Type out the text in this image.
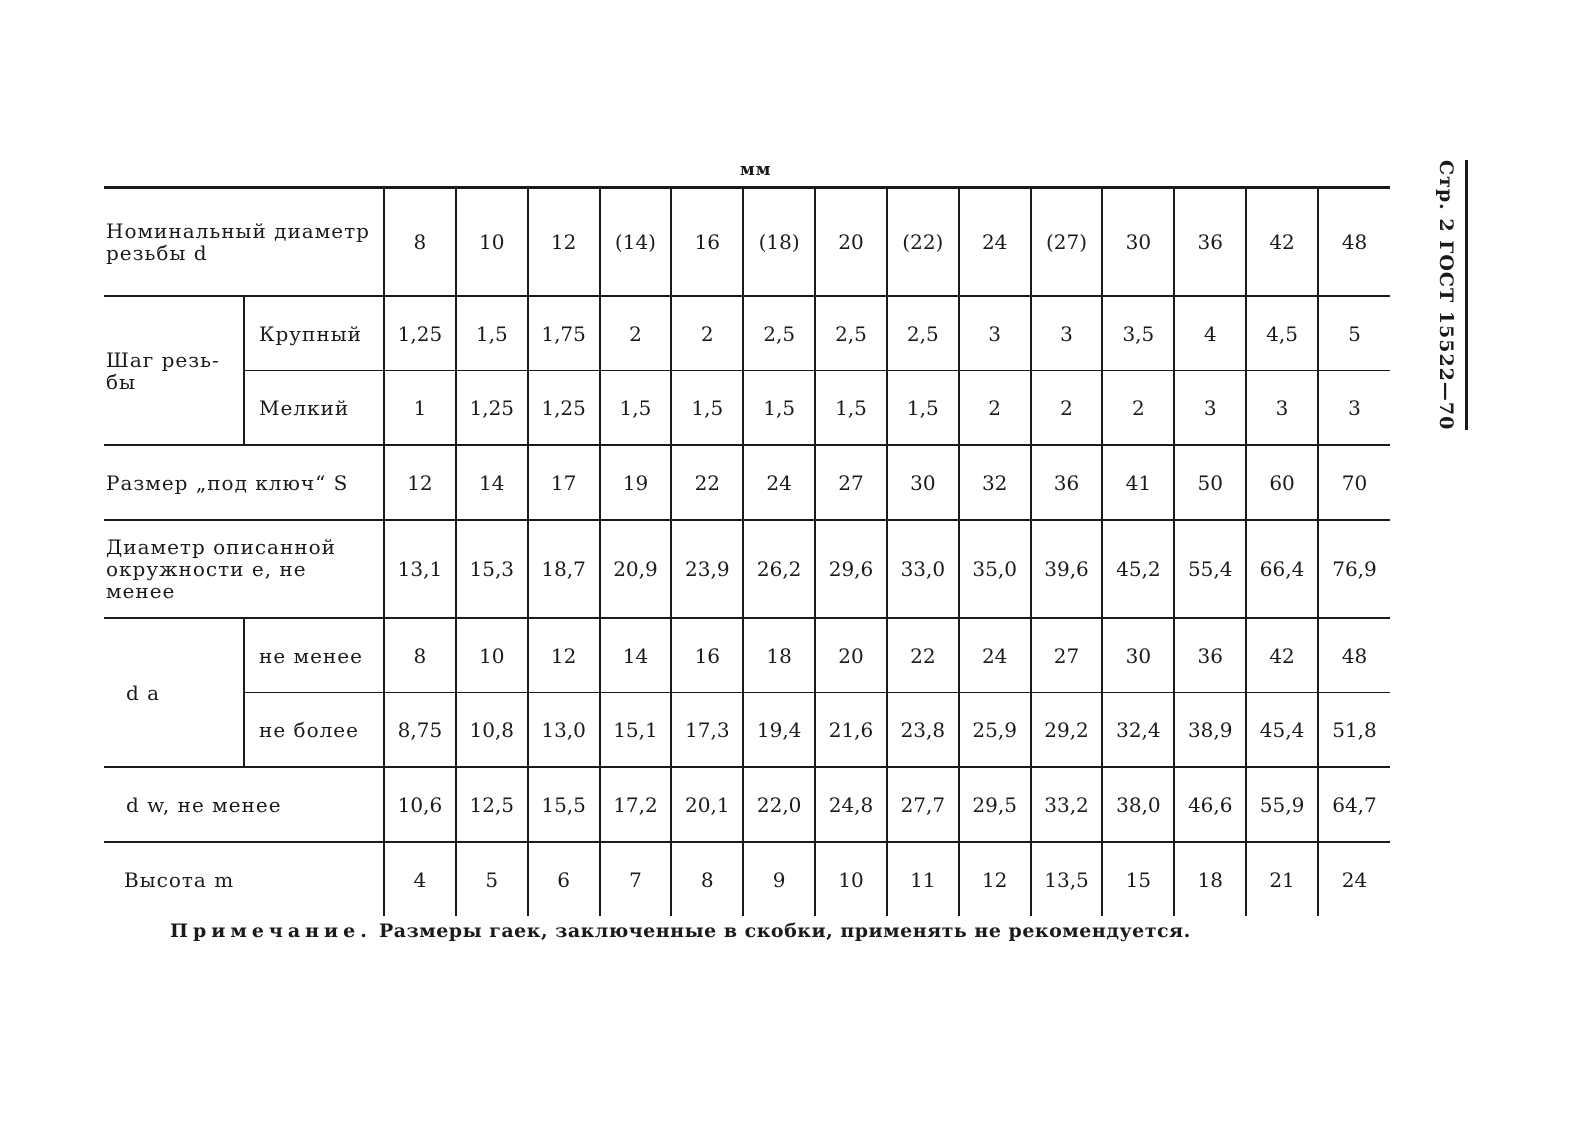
мм	Стр. 2 ГОСТ 15522—70
Номинальный диаметр резьбы d		8	10	12	(14)	16	(18)	20	(22)	24	(27)	30	36	42	48
Шаг резь-бы	Крупный	1,25	1,5	1,75	2	2	2,5	2,5	2,5	3	3	3,5	4	4,5	5
	Мелкий	1	1,25	1,25	1,5	1,5	1,5	1,5	1,5	2	2	2	3	3	3
Размер „под ключ“ S		12	14	17	19	22	24	27	30	32	36	41	50	60	70
Диаметр описанной окружности e, не менее		13,1	15,3	18,7	20,9	23,9	26,2	29,6	33,0	35,0	39,6	45,2	55,4	66,4	76,9
d a	не менее	8	10	12	14	16	18	20	22	24	27	30	36	42	48
	не более	8,75	10,8	13,0	15,1	17,3	19,4	21,6	23,8	25,9	29,2	32,4	38,9	45,4	51,8
d w, не менее		10,6	12,5	15,5	17,2	20,1	22,0	24,8	27,7	29,5	33,2	38,0	46,6	55,9	64,7
Высота m		4	5	6	7	8	9	10	11	12	13,5	15	18	21	24
Примечание. Размеры гаек, заключенные в скобки, применять не рекомендуется.
